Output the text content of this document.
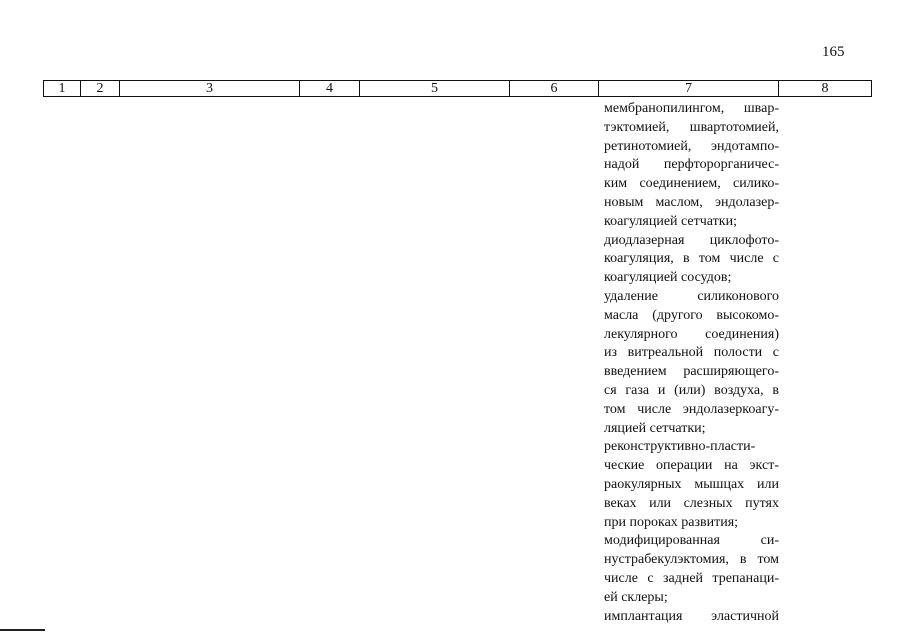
165
1	2	3	4	5	6	7	8
мембранопилингом, швар-
тэктомией, швартотомией,
ретинотомией, эндотампо-
надой перфторорганичес-
ким соединением, силико-
новым маслом, эндолазер-
коагуляцией сетчатки;
диодлазерная циклофото-
коагуляция, в том числе с
коагуляцией сосудов;
удаление силиконового
масла (другого высокомо-
лекулярного соединения)
из витреальной полости с
введением расширяющего-
ся газа и (или) воздуха, в
том числе эндолазеркоагу-
ляцией сетчатки;
реконструктивно-пласти-
ческие операции на экст-
раокулярных мышцах или
веках или слезных путях
при пороках развития;
модифицированная си-
нустрабекулэктомия, в том
числе с задней трепанаци-
ей склеры;
имплантация эластичной
